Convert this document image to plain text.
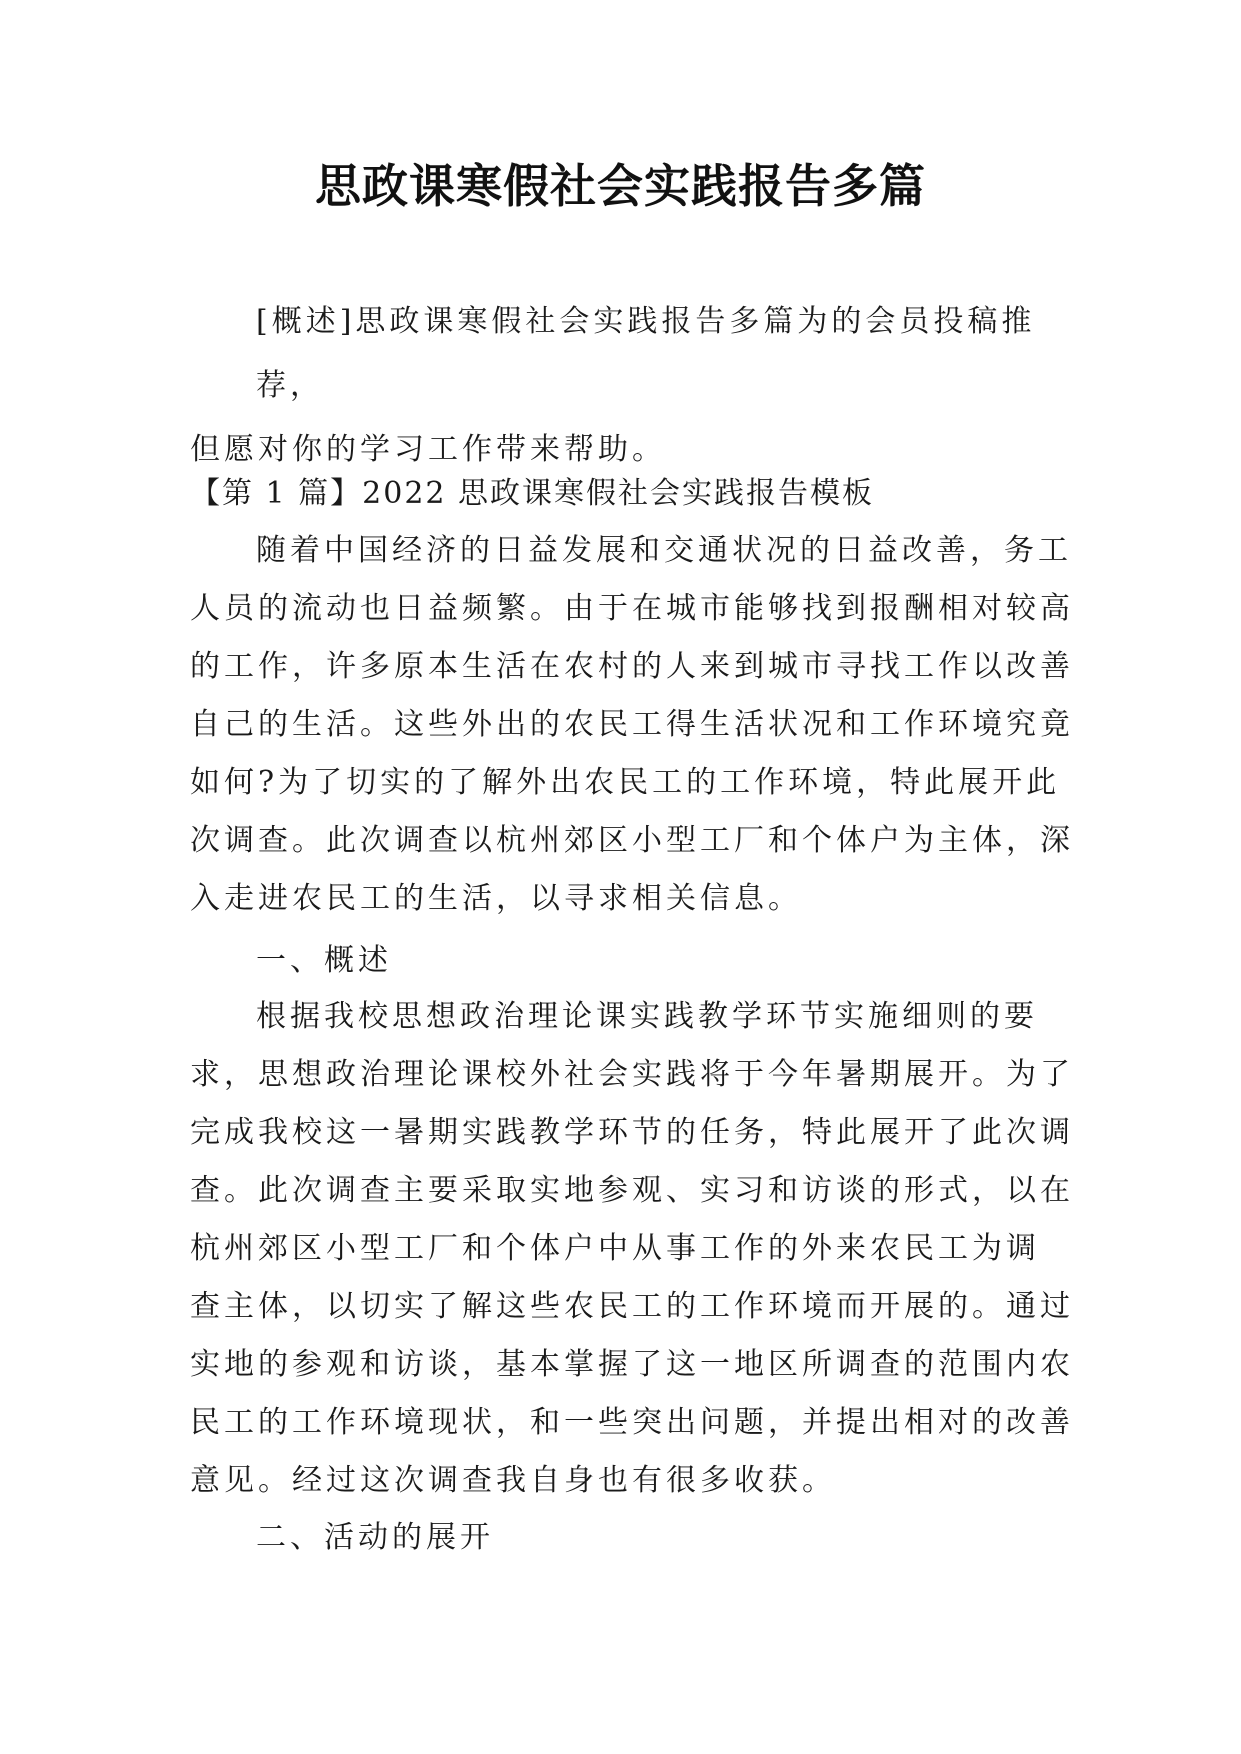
思政课寒假社会实践报告多篇
[概述]思政课寒假社会实践报告多篇为的会员投稿推荐，
但愿对你的学习工作带来帮助。
【第 1 篇】2022 思政课寒假社会实践报告模板
随着中国经济的日益发展和交通状况的日益改善，务工
人员的流动也日益频繁。由于在城市能够找到报酬相对较高
的工作，许多原本生活在农村的人来到城市寻找工作以改善
自己的生活。这些外出的农民工得生活状况和工作环境究竟
如何?为了切实的了解外出农民工的工作环境，特此展开此
次调查。此次调查以杭州郊区小型工厂和个体户为主体，深
入走进农民工的生活，以寻求相关信息。
一、概述
根据我校思想政治理论课实践教学环节实施细则的要
求，思想政治理论课校外社会实践将于今年暑期展开。为了
完成我校这一暑期实践教学环节的任务，特此展开了此次调
查。此次调查主要采取实地参观、实习和访谈的形式，以在
杭州郊区小型工厂和个体户中从事工作的外来农民工为调
查主体，以切实了解这些农民工的工作环境而开展的。通过
实地的参观和访谈，基本掌握了这一地区所调查的范围内农
民工的工作环境现状，和一些突出问题，并提出相对的改善
意见。经过这次调查我自身也有很多收获。
二、活动的展开
